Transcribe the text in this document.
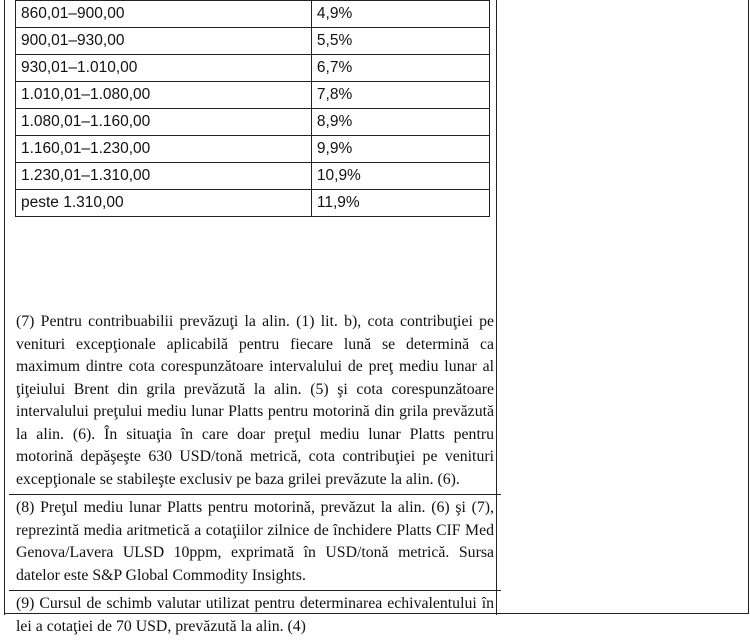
860,01–900,00	4,9%
900,01–930,00	5,5%
930,01–1.010,00	6,7%
1.010,01–1.080,00	7,8%
1.080,01–1.160,00	8,9%
1.160,01–1.230,00	9,9%
1.230,01–1.310,00	10,9%
peste 1.310,00	11,9%
(7) Pentru contribuabilii prevăzuţi la alin. (1) lit. b), cota contribuţiei pe venituri excepţionale aplicabilă pentru fiecare lună se determină ca maximum dintre cota corespunzătoare intervalului de preţ mediu lunar al ţiţeiului Brent din grila prevăzută la alin. (5) şi cota corespunzătoare intervalului preţului mediu lunar Platts pentru motorină din grila prevăzută la alin. (6). În situaţia în care doar preţul mediu lunar Platts pentru motorină depăşeşte 630 USD/tonă metrică, cota contribuţiei pe venituri excepţionale se stabileşte exclusiv pe baza grilei prevăzute la alin. (6).
(8) Preţul mediu lunar Platts pentru motorină, prevăzut la alin. (6) şi (7), reprezintă media aritmetică a cotaţiilor zilnice de închidere Platts CIF Med Genova/Lavera ULSD 10ppm, exprimată în USD/tonă metrică. Sursa datelor este S&P Global Commodity Insights.
(9) Cursul de schimb valutar utilizat pentru determinarea echivalentului în lei a cotaţiei de 70 USD, prevăzută la alin. (4)
